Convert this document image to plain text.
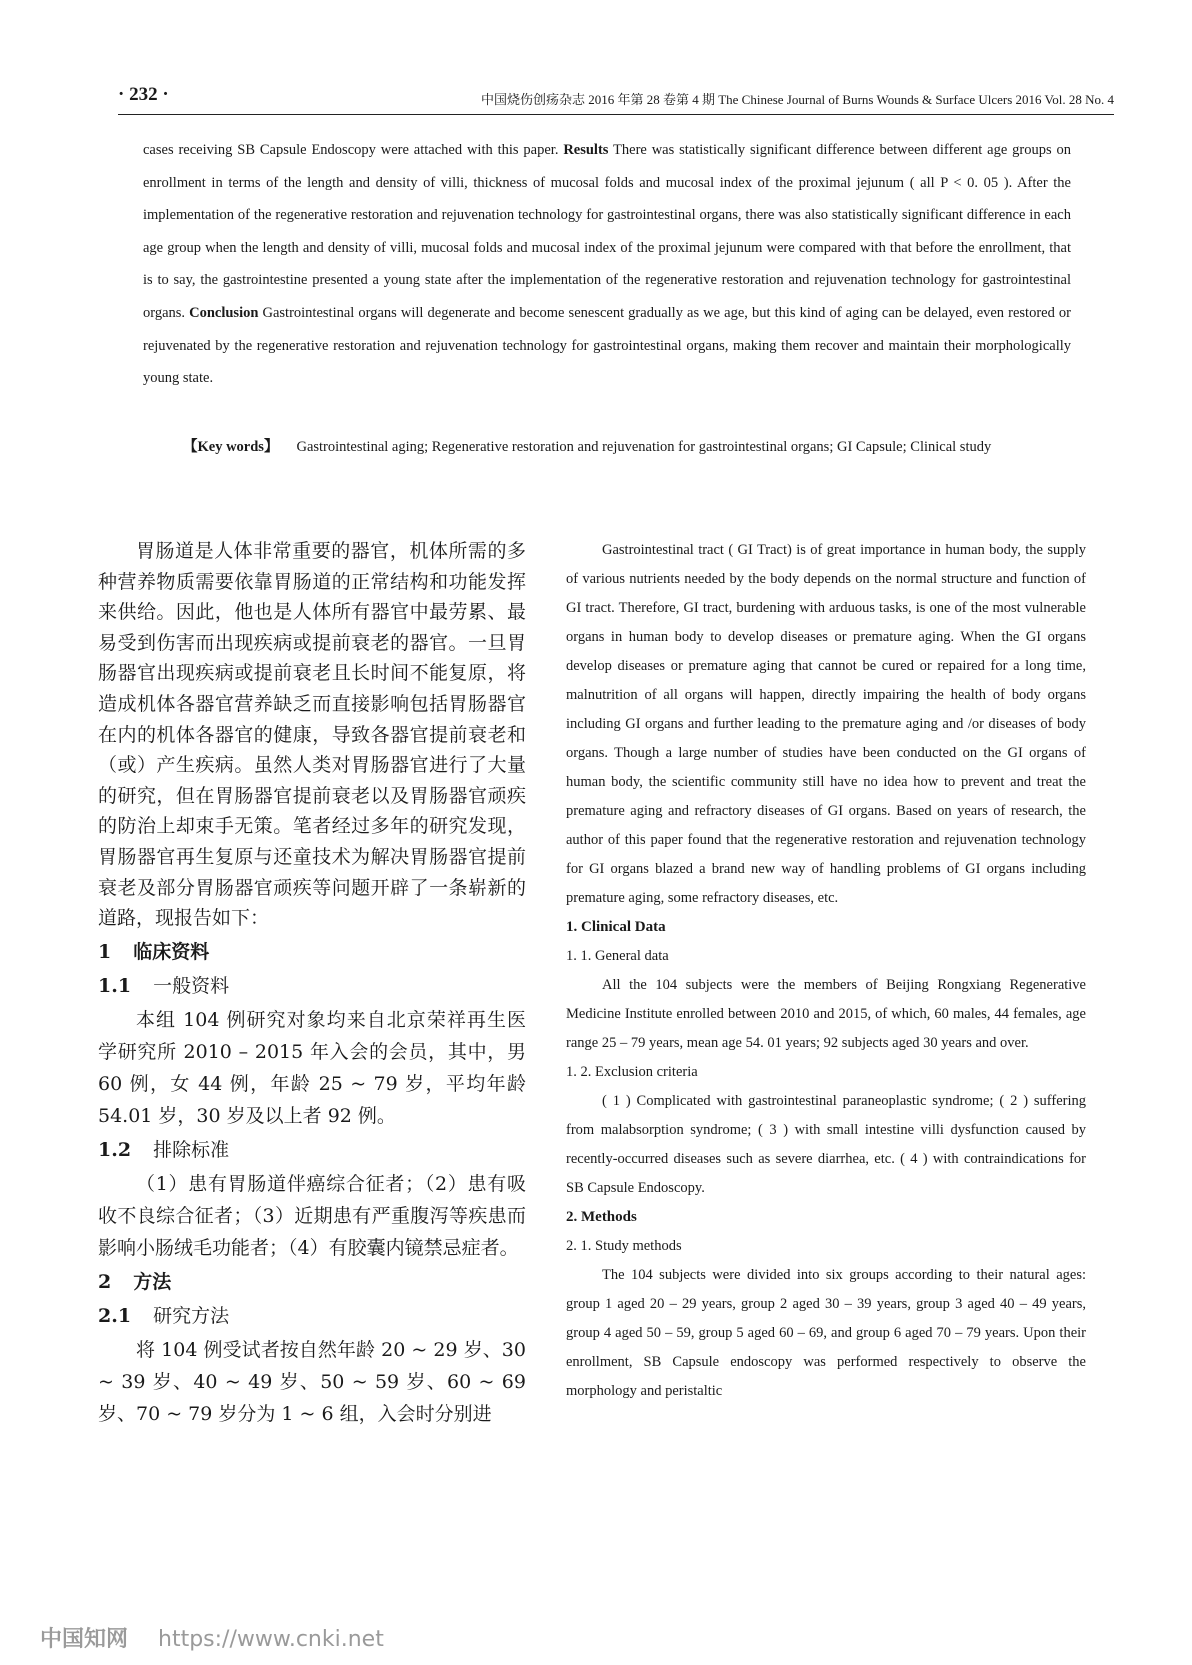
· 232 ·	中国烧伤创疡杂志 2016 年第 28 卷第 4 期 The Chinese Journal of Burns Wounds & Surface Ulcers 2016 Vol. 28 No. 4
cases receiving SB Capsule Endoscopy were attached with this paper. Results There was statistically significant difference between different age groups on enrollment in terms of the length and density of villi, thickness of mucosal folds and mucosal index of the proximal jejunum ( all P < 0. 05 ). After the implementation of the regenerative restoration and rejuvenation technology for gastrointestinal organs, there was also statistically significant difference in each age group when the length and density of villi, mucosal folds and mucosal index of the proximal jejunum were compared with that before the enrollment, that is to say, the gastrointestine presented a young state after the implementation of the regenerative restoration and rejuvenation technology for gastrointestinal organs. Conclusion Gastrointestinal organs will degenerate and become senescent gradually as we age, but this kind of aging can be delayed, even restored or rejuvenated by the regenerative restoration and rejuvenation technology for gastrointestinal organs, making them recover and maintain their morphologically young state.
【Key words】 Gastrointestinal aging; Regenerative restoration and rejuvenation for gastrointestinal organs; GI Capsule; Clinical study

胃肠道是人体非常重要的器官，机体所需的多种营养物质需要依靠胃肠道的正常结构和功能发挥来供给。因此，他也是人体所有器官中最劳累、最易受到伤害而出现疾病或提前衰老的器官。一旦胃肠器官出现疾病或提前衰老且长时间不能复原，将造成机体各器官营养缺乏而直接影响包括胃肠器官在内的机体各器官的健康，导致各器官提前衰老和（或）产生疾病。虽然人类对胃肠器官进行了大量的研究，但在胃肠器官提前衰老以及胃肠器官顽疾的防治上却束手无策。笔者经过多年的研究发现，胃肠器官再生复原与还童技术为解决胃肠器官提前衰老及部分胃肠器官顽疾等问题开辟了一条崭新的道路，现报告如下：

1 临床资料
1.1 一般资料

本组 104 例研究对象均来自北京荣祥再生医学研究所 2010 – 2015 年入会的会员，其中，男 60 例，女 44 例，年龄 25 ~ 79 岁，平均年龄 54.01 岁，30 岁及以上者 92 例。

1.2 排除标准

（1）患有胃肠道伴癌综合征者；（2）患有吸收不良综合征者；（3）近期患有严重腹泻等疾患而影响小肠绒毛功能者；（4）有胶囊内镜禁忌症者。

2 方法
2.1 研究方法

将 104 例受试者按自然年龄 20 ~ 29 岁、30 ~ 39 岁、40 ~ 49 岁、50 ~ 59 岁、60 ~ 69 岁、70 ~ 79 岁分为 1 ~ 6 组，入会时分别进

Gastrointestinal tract ( GI Tract) is of great importance in human body, the supply of various nutrients needed by the body depends on the normal structure and function of GI tract. Therefore, GI tract, burdening with arduous tasks, is one of the most vulnerable organs in human body to develop diseases or premature aging. When the GI organs develop diseases or premature aging that cannot be cured or repaired for a long time, malnutrition of all organs will happen, directly impairing the health of body organs including GI organs and further leading to the premature aging and /or diseases of body organs. Though a large number of studies have been conducted on the GI organs of human body, the scientific community still have no idea how to prevent and treat the premature aging and refractory diseases of GI organs. Based on years of research, the author of this paper found that the regenerative restoration and rejuvenation technology for GI organs blazed a brand new way of handling problems of GI organs including premature aging, some refractory diseases, etc.

1. Clinical Data
1. 1. General data

All the 104 subjects were the members of Beijing Rongxiang Regenerative Medicine Institute enrolled between 2010 and 2015, of which, 60 males, 44 females, age range 25 – 79 years, mean age 54. 01 years; 92 subjects aged 30 years and over.

1. 2. Exclusion criteria

( 1 ) Complicated with gastrointestinal paraneoplastic syndrome; ( 2 ) suffering from malabsorption syndrome; ( 3 ) with small intestine villi dysfunction caused by recently-occurred diseases such as severe diarrhea, etc. ( 4 ) with contraindications for SB Capsule Endoscopy.

2. Methods
2. 1. Study methods

The 104 subjects were divided into six groups according to their natural ages: group 1 aged 20 – 29 years, group 2 aged 30 – 39 years, group 3 aged 40 – 49 years, group 4 aged 50 – 59, group 5 aged 60 – 69, and group 6 aged 70 – 79 years. Upon their enrollment, SB Capsule endoscopy was performed respectively to observe the morphology and peristaltic

中国知网 https://www.cnki.net
